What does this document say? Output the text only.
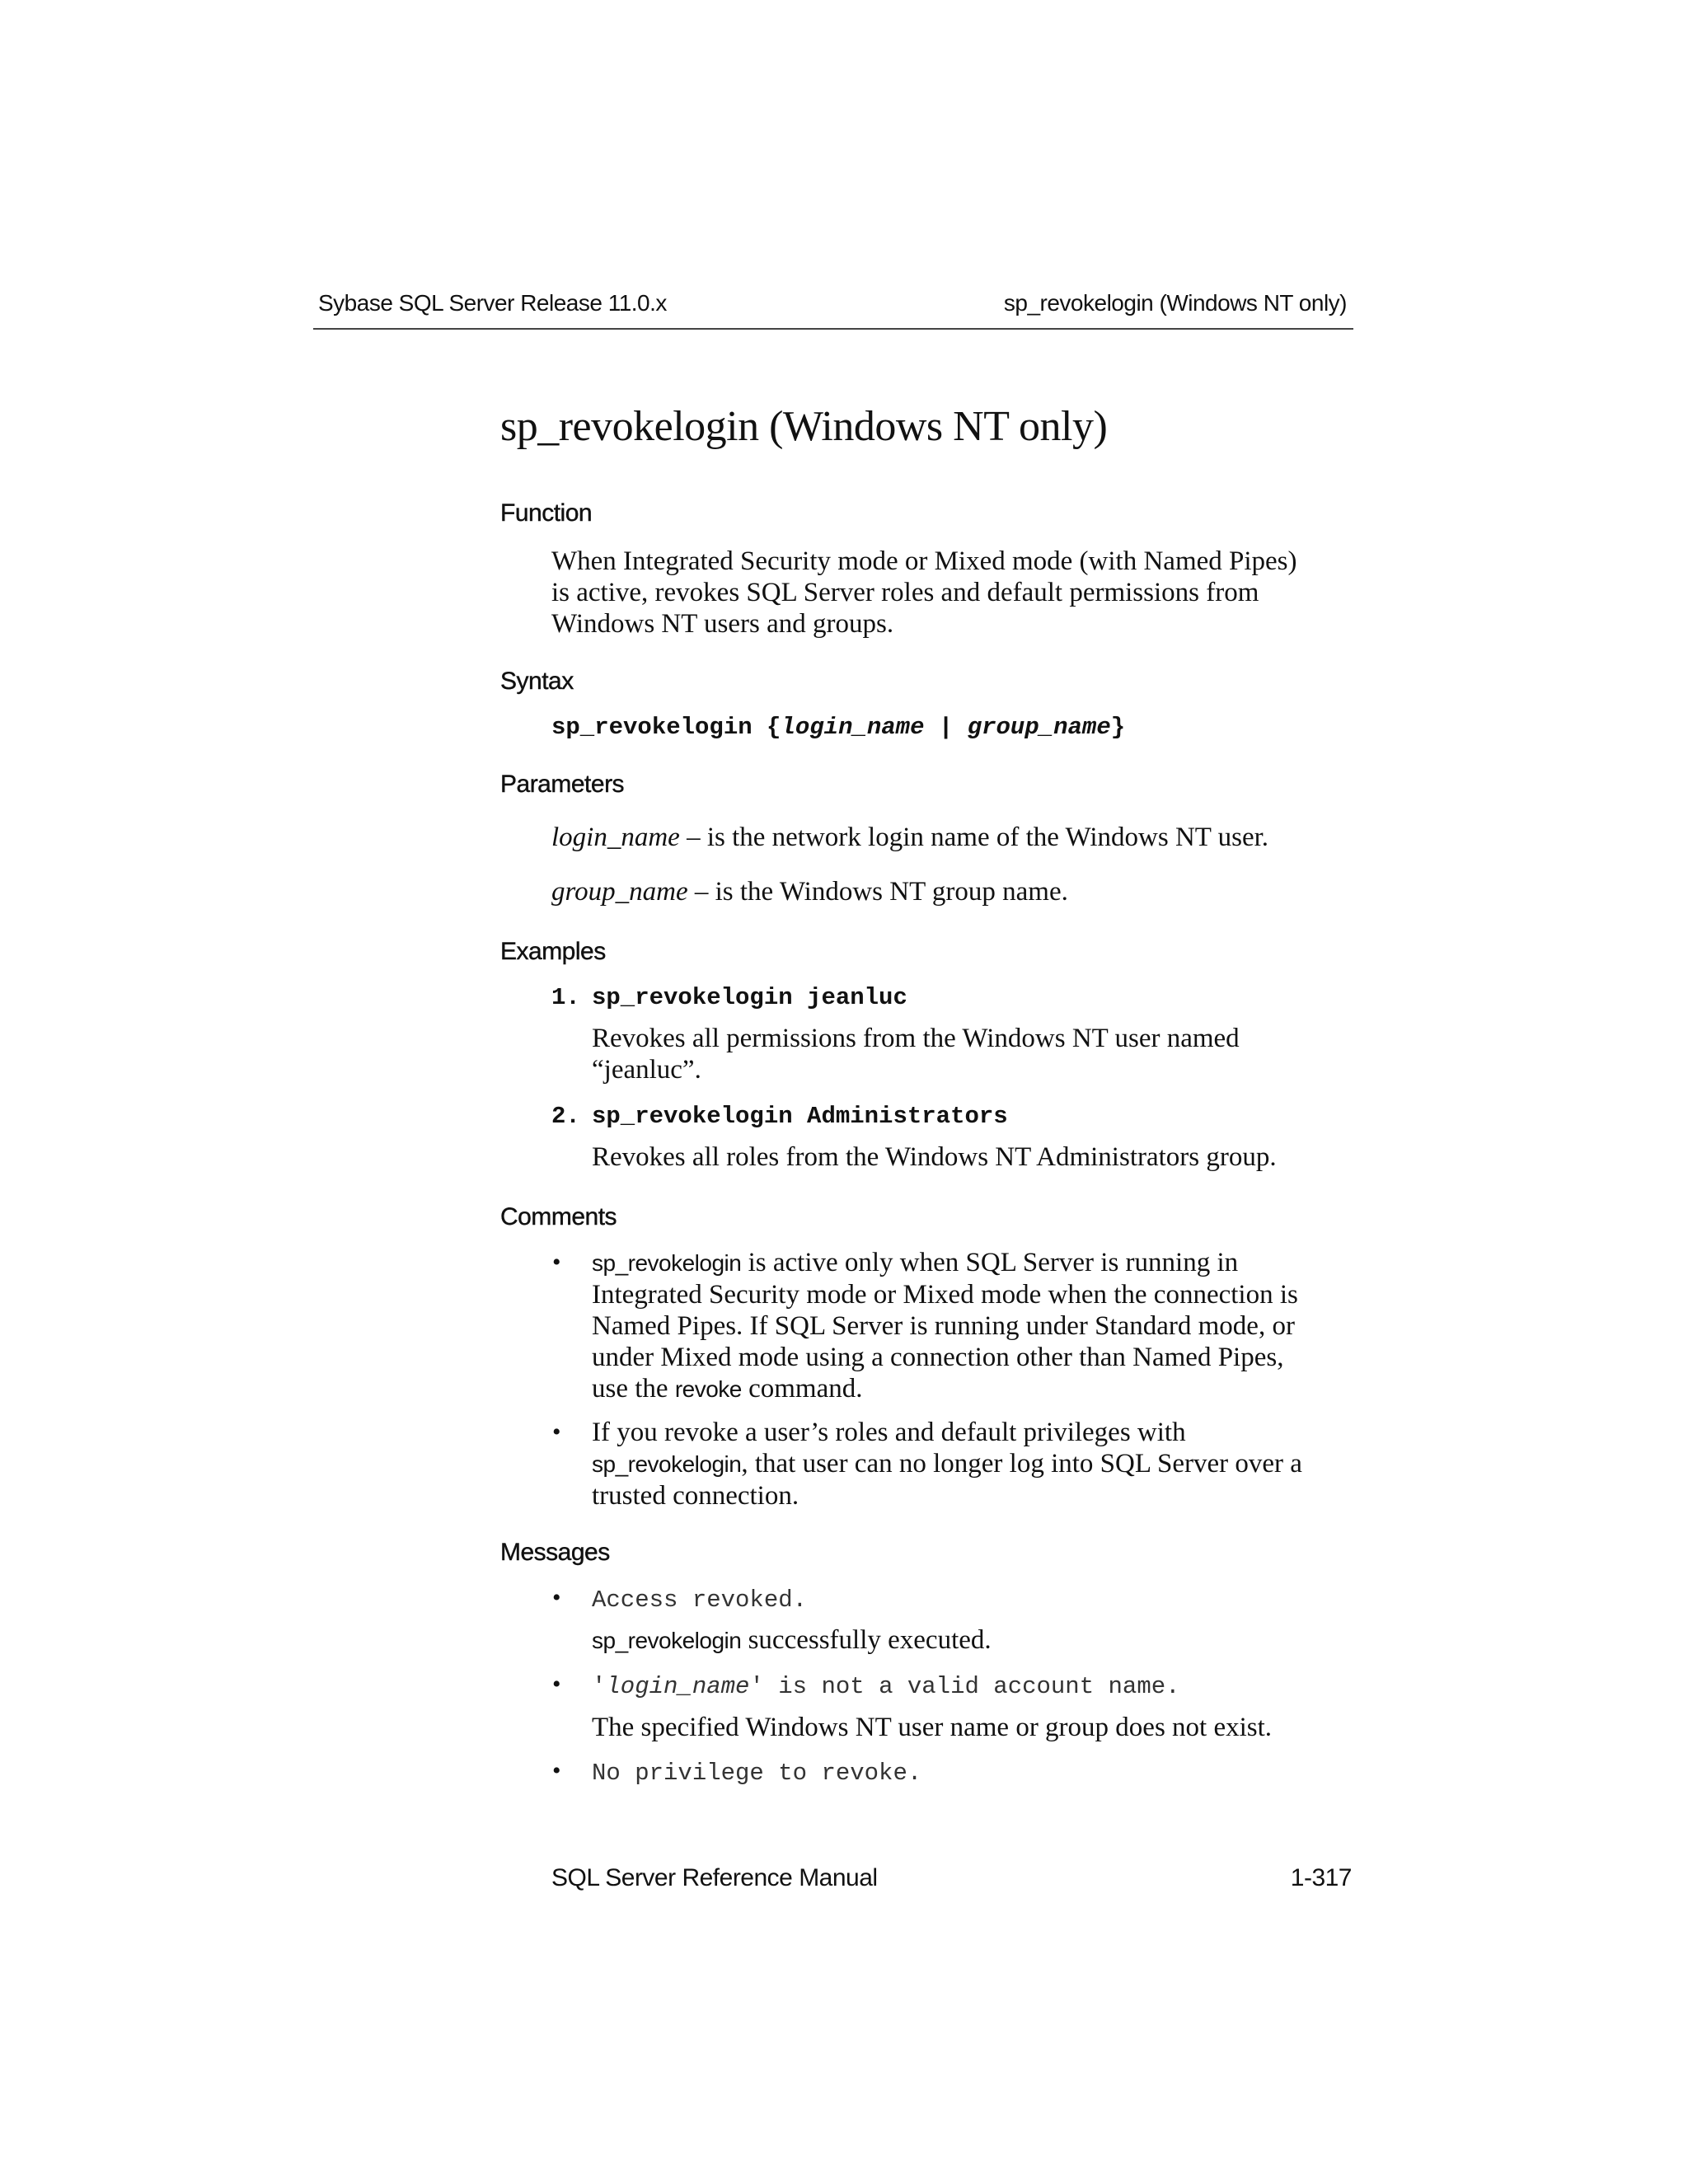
Sybase SQL Server Release 11.0.x	sp_revokelogin (Windows NT only)
sp_revokelogin (Windows NT only)
Function
When Integrated Security mode or Mixed mode (with Named Pipes)
is active, revokes SQL Server roles and default permissions from
Windows NT users and groups.
Syntax
sp_revokelogin {login_name | group_name}
Parameters
login_name – is the network login name of the Windows NT user.
group_name – is the Windows NT group name.
Examples
1. sp_revokelogin jeanluc
Revokes all permissions from the Windows NT user named
“jeanluc”.
2. sp_revokelogin Administrators
Revokes all roles from the Windows NT Administrators group.
Comments
• sp_revokelogin is active only when SQL Server is running in
Integrated Security mode or Mixed mode when the connection is
Named Pipes. If SQL Server is running under Standard mode, or
under Mixed mode using a connection other than Named Pipes,
use the revoke command.
• If you revoke a user’s roles and default privileges with
sp_revokelogin, that user can no longer log into SQL Server over a
trusted connection.
Messages
• Access revoked.
sp_revokelogin successfully executed.
• 'login_name' is not a valid account name.
The specified Windows NT user name or group does not exist.
• No privilege to revoke.
SQL Server Reference Manual	1-317
